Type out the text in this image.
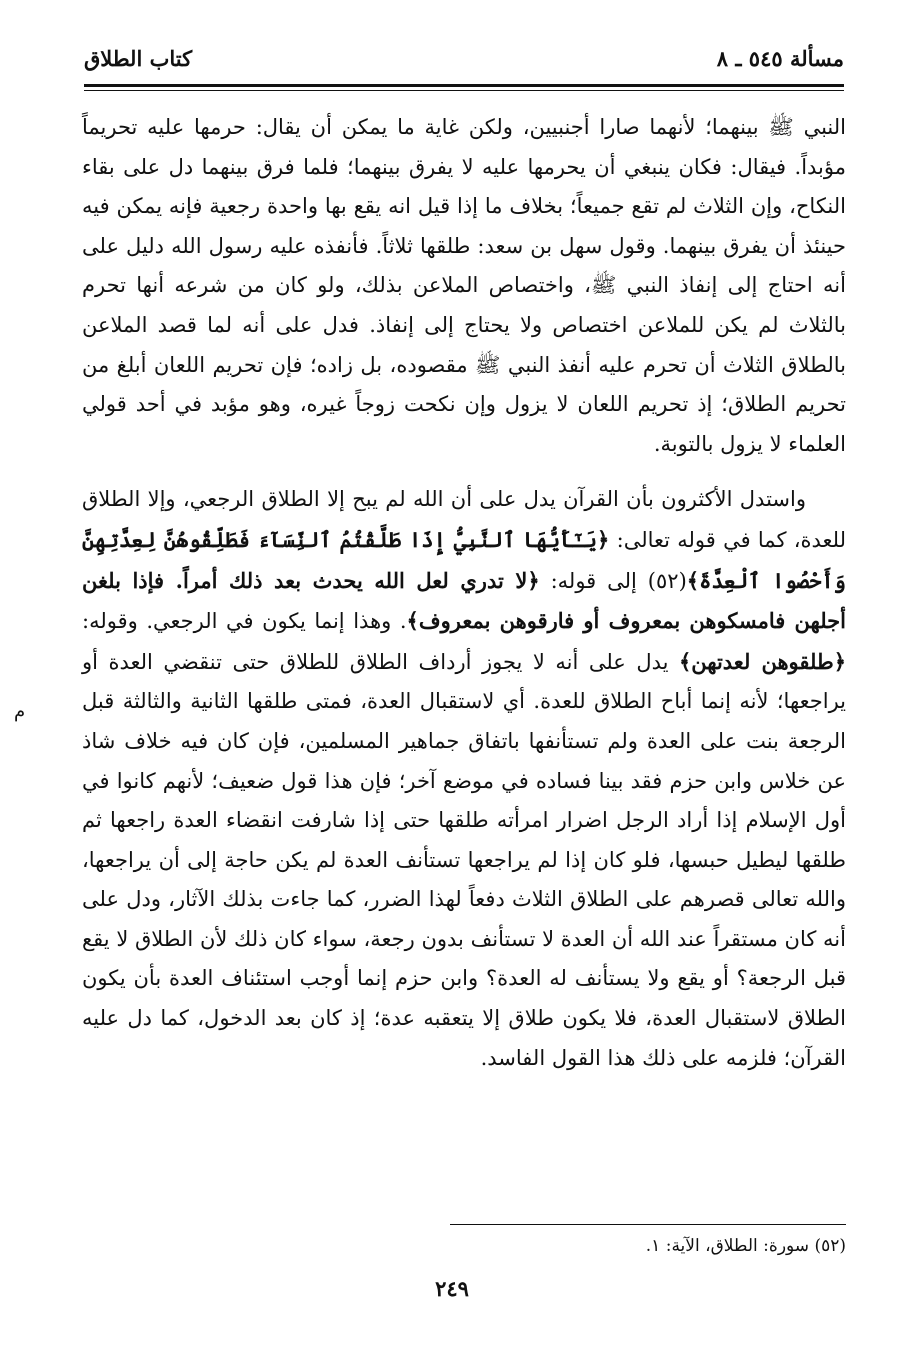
مسألة ٥٤٥ ـ ٨
كتاب الطلاق

النبي ﷺ بينهما؛ لأنهما صارا أجنبيين، ولكن غاية ما يمكن أن يقال: حرمها عليه تحريماً مؤبداً. فيقال: فكان ينبغي أن يحرمها عليه لا يفرق بينهما؛ فلما فرق بينهما دل على بقاء النكاح، وإن الثلاث لم تقع جميعاً؛ بخلاف ما إذا قيل انه يقع بها واحدة رجعية فإنه يمكن فيه حينئذ أن يفرق بينهما. وقول سهل بن سعد: طلقها ثلاثاً. فأنفذه عليه رسول الله دليل على أنه احتاج إلى إنفاذ النبي ﷺ، واختصاص الملاعن بذلك، ولو كان من شرعه أنها تحرم بالثلاث لم يكن للملاعن اختصاص ولا يحتاج إلى إنفاذ. فدل على أنه لما قصد الملاعن بالطلاق الثلاث أن تحرم عليه أنفذ النبي ﷺ مقصوده، بل زاده؛ فإن تحريم اللعان أبلغ من تحريم الطلاق؛ إذ تحريم اللعان لا يزول وإن نكحت زوجاً غيره، وهو مؤبد في أحد قولي العلماء لا يزول بالتوبة.

واستدل الأكثرون بأن القرآن يدل على أن الله لم يبح إلا الطلاق الرجعي، وإلا الطلاق للعدة، كما في قوله تعالى: ﴿يَـٰٓأَيُّهَا ٱلنَّبِيُّ إِذَا طَلَّقْتُمُ ٱلنِّسَآءَ فَطَلِّقُوهُنَّ لِعِدَّتِهِنَّ وَأَحْصُوا ٱلْعِدَّةَ﴾(٥٢) إلى قوله: ﴿لا تدري لعل الله يحدث بعد ذلك أمراً. فإذا بلغن أجلهن فامسكوهن بمعروف أو فارقوهن بمعروف﴾. وهذا إنما يكون في الرجعي. وقوله: ﴿طلقوهن لعدتهن﴾ يدل على أنه لا يجوز أرداف الطلاق للطلاق حتى تنقضي العدة أو يراجعها؛ لأنه إنما أباح الطلاق للعدة. أي لاستقبال العدة، فمتى طلقها الثانية والثالثة قبل الرجعة بنت على العدة ولم تستأنفها باتفاق جماهير المسلمين، فإن كان فيه خلاف شاذ عن خلاس وابن حزم فقد بينا فساده في موضع آخر؛ فإن هذا قول ضعيف؛ لأنهم كانوا في أول الإسلام إذا أراد الرجل اضرار امرأته طلقها حتى إذا شارفت انقضاء العدة راجعها ثم طلقها ليطيل حبسها، فلو كان إذا لم يراجعها تستأنف العدة لم يكن حاجة إلى أن يراجعها، والله تعالى قصرهم على الطلاق الثلاث دفعاً لهذا الضرر، كما جاءت بذلك الآثار، ودل على أنه كان مستقراً عند الله أن العدة لا تستأنف بدون رجعة، سواء كان ذلك لأن الطلاق لا يقع قبل الرجعة؟ أو يقع ولا يستأنف له العدة؟ وابن حزم إنما أوجب استئناف العدة بأن يكون الطلاق لاستقبال العدة، فلا يكون طلاق إلا يتعقبه عدة؛ إذ كان بعد الدخول، كما دل عليه القرآن؛ فلزمه على ذلك هذا القول الفاسد.

م
(٥٢) سورة: الطلاق، الآية: ١.
٢٤٩
